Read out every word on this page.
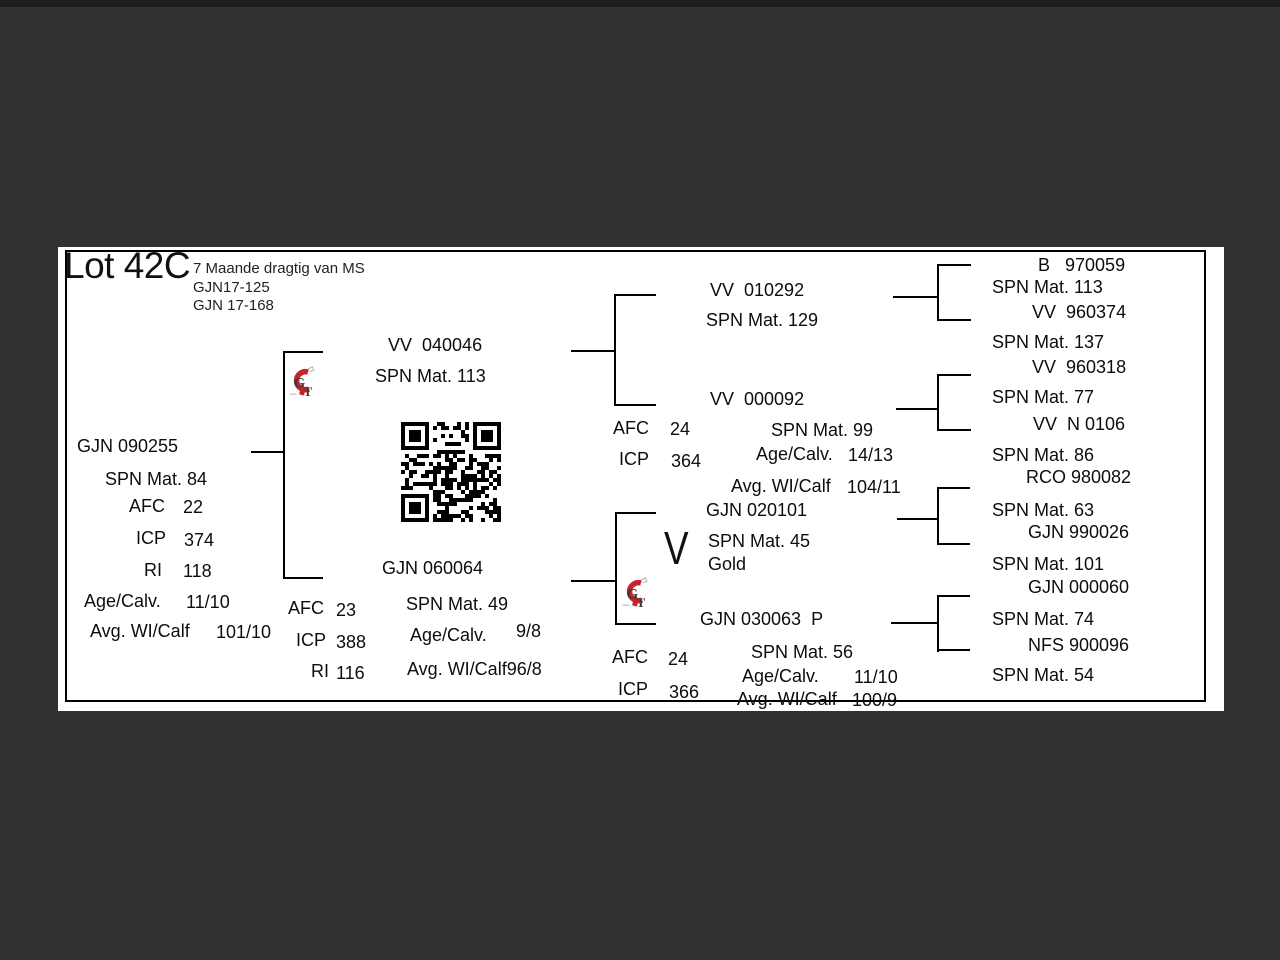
Lot 42C 7 Maande dragtig van MS
GJN17-125
GJN 17-168
GJN 090255
SPN Mat. 84
AFC 22
ICP 374
RI 118
Age/Calv. 11/10
Avg. WI/Calf 101/10
VV  040046
SPN Mat. 113
GJN 060064
AFC 23
ICP 388
RI 116
SPN Mat. 49
Age/Calv. 9/8
Avg. WI/Calf96/8
VV  010292
SPN Mat. 129
VV  000092
AFC 24
ICP 364
SPN Mat. 99
Age/Calv. 14/13
Avg. WI/Calf 104/11
V
GJN 020101
SPN Mat. 45
Gold
GJN 030063  P
AFC 24
ICP 366
SPN Mat. 56
Age/Calv. 11/10
Avg. WI/Calf 100/9
B   970059
SPN Mat. 113
VV  960374
SPN Mat. 137
VV  960318
SPN Mat. 77
VV  N 0106
SPN Mat. 86
RCO 980082
SPN Mat. 63
GJN 990026
SPN Mat. 101
GJN 000060
SPN Mat. 74
NFS 900096
SPN Mat. 54
G
T
G
T
